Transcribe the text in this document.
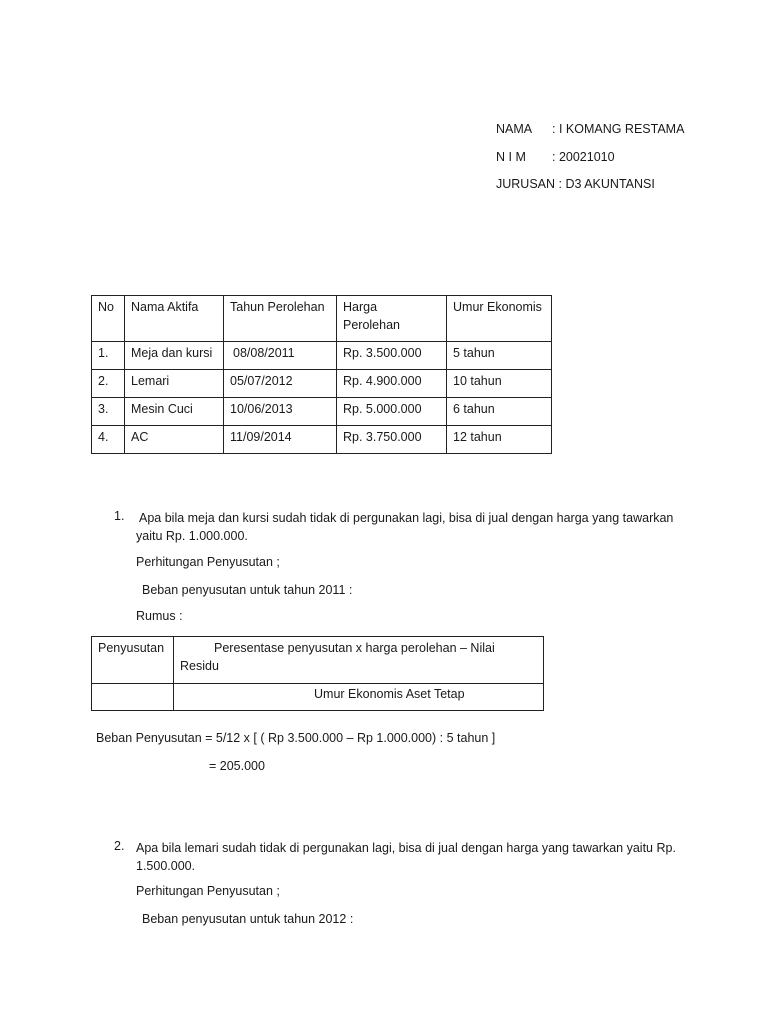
NAMA : I KOMANG RESTAMA
N I M : 20021010
JURUSAN : D3 AKUNTANSI
No	Nama Aktifa	Tahun Perolehan	Harga Perolehan	Umur Ekonomis
1.	Meja dan kursi	08/08/2011	Rp. 3.500.000	5 tahun
2.	Lemari	05/07/2012	Rp. 4.900.000	10 tahun
3.	Mesin Cuci	10/06/2013	Rp. 5.000.000	6 tahun
4.	AC	11/09/2014	Rp. 3.750.000	12 tahun
1. Apa bila meja dan kursi sudah tidak di pergunakan lagi, bisa di jual dengan harga yang tawarkan yaitu Rp. 1.000.000.
Perhitungan Penyusutan ;
Beban penyusutan untuk tahun 2011 :
Rumus :
Penyusutan	Peresentase penyusutan x harga perolehan – Nilai Residu
	Umur Ekonomis Aset Tetap
Beban Penyusutan = 5/12 x [ ( Rp 3.500.000 – Rp 1.000.000) : 5 tahun ]
= 205.000
2. Apa bila lemari sudah tidak di pergunakan lagi, bisa di jual dengan harga yang tawarkan yaitu Rp. 1.500.000.
Perhitungan Penyusutan ;
Beban penyusutan untuk tahun 2012 :
